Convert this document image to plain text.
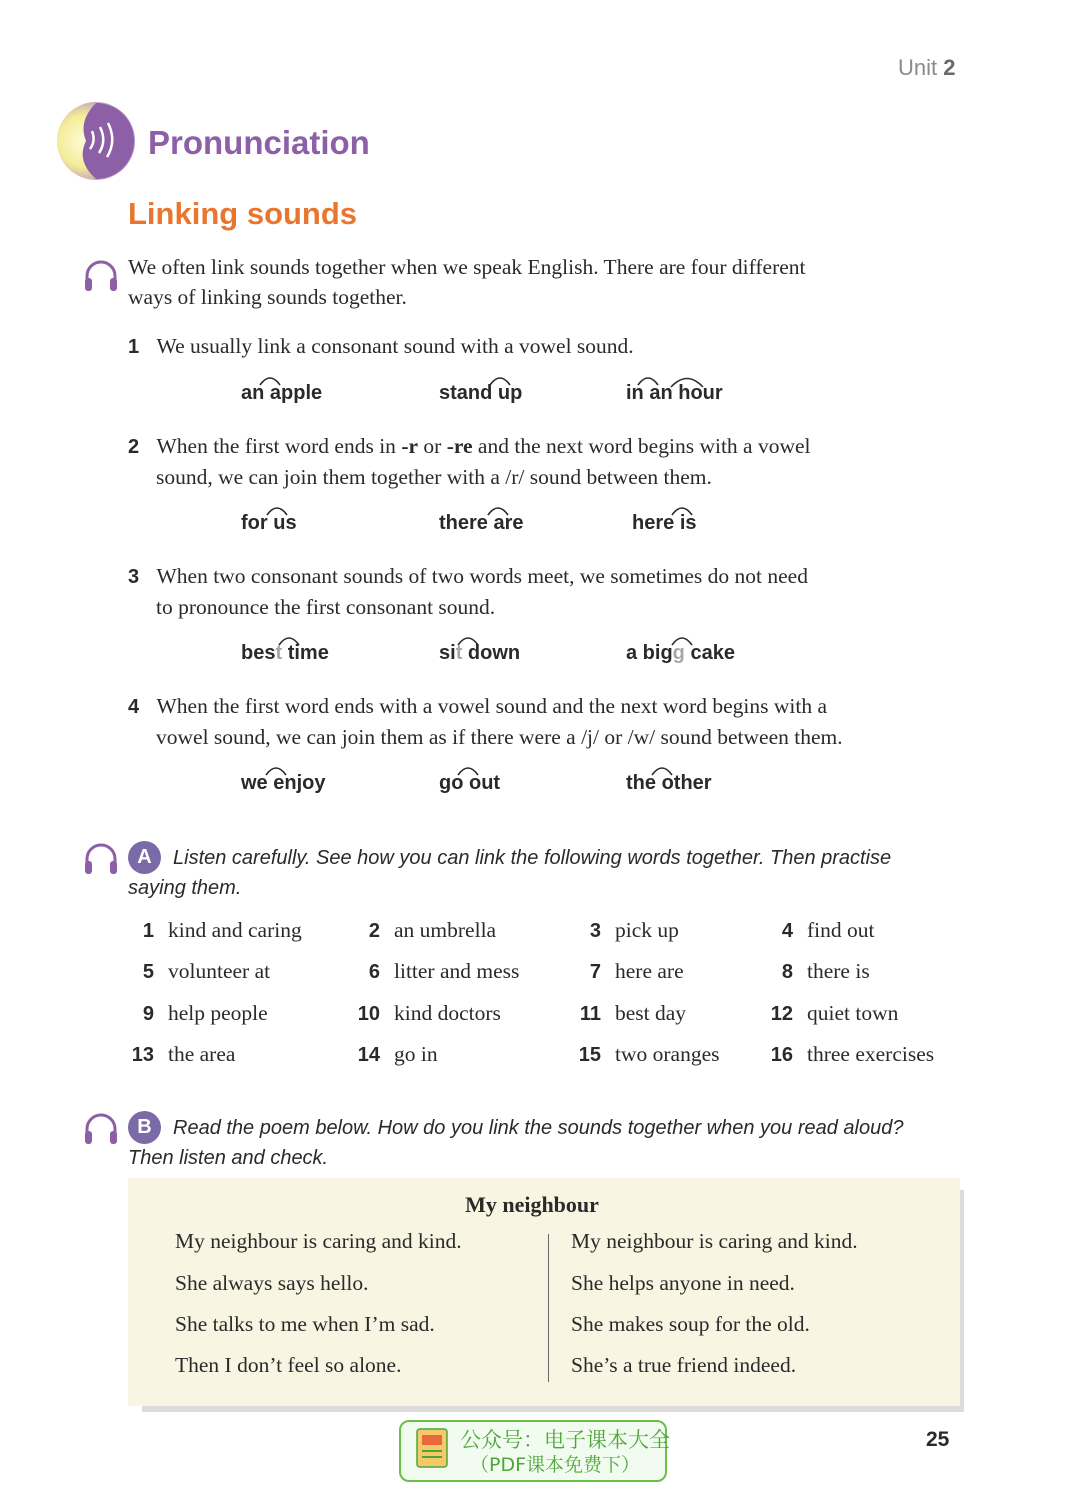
Unit 2
Pronunciation
Linking sounds
We often link sounds together when we speak English. There are four different
ways of linking sounds together.
1 We usually link a consonant sound with a vowel sound.
an apple	stand up	in an hour
2 When the first word ends in -r or -re and the next word begins with a vowel
sound, we can join them together with a /r/ sound between them.
for us	there are	here is
3 When two consonant sounds of two words meet, we sometimes do not need
to pronounce the first consonant sound.
best time	sit down	a bigg cake
4 When the first word ends with a vowel sound and the next word begins with a
vowel sound, we can join them as if there were a /j/ or /w/ sound between them.
we enjoy	go out	the other
A	Listen carefully. See how you can link the following words together. Then practise
saying them.
1 kind and caring	2 an umbrella	3 pick up	4 find out
5 volunteer at	6 litter and mess	7 here are	8 there is
9 help people	10 kind doctors	11 best day	12 quiet town
13 the area	14 go in	15 two oranges	16 three exercises
B	Read the poem below. How do you link the sounds together when you read aloud?
Then listen and check.
My neighbour
My neighbour is caring and kind.
She always says hello.
She talks to me when I’m sad.
Then I don’t feel so alone.
My neighbour is caring and kind.
She helps anyone in need.
She makes soup for the old.
She’s a true friend indeed.
公众号：电子课本大全
（PDF课本免费下）
25
